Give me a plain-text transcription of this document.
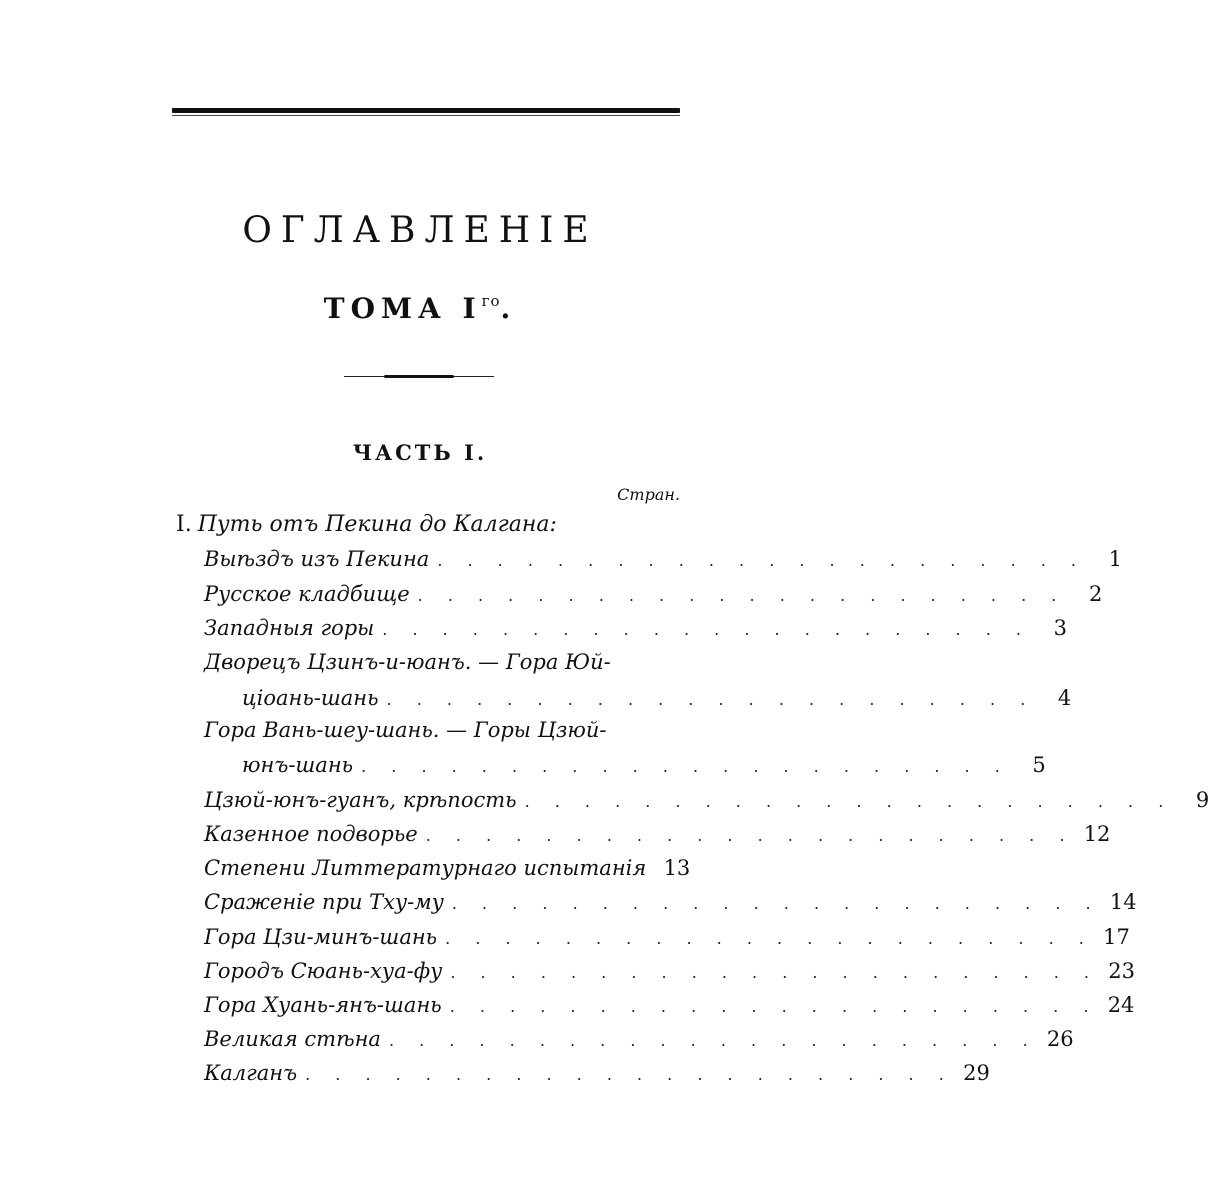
ОГЛАВЛЕНІЕ
ТОМА $I^{го}$.
ЧАСТЬ I.
Стран.
I. Путь отъ Пекина до Калгана:
Выѣздъ изъ Пекина . . . . . . . . . . . . . . . . . . . . . .	1
Русское кладбище . . . . . . . . . . . . . . . . . . . . . .	2
Западныя горы . . . . . . . . . . . . . . . . . . . . . .	3
Дворецъ Цзинъ-и-юанъ. — Гора Юй-
ціоань-шань . . . . . . . . . . . . . . . . . . . . . .	4
Гора Вань-шеу-шань. — Горы Цзюй-
юнъ-шань . . . . . . . . . . . . . . . . . . . . . .	5
Цзюй-юнъ-гуанъ, крѣпость . . . . . . . . . . . . . . . . . . . . . .	9
Казенное подворье . . . . . . . . . . . . . . . . . . . . . . 12
Степени Литтературнаго испытанія 13
Сраженіе при Тху-му . . . . . . . . . . . . . . . . . . . . . . 14
Гора Цзи-минъ-шань . . . . . . . . . . . . . . . . . . . . . . 17
Городъ Сюань-хуа-фу . . . . . . . . . . . . . . . . . . . . . . 23
Гора Хуань-янъ-шань . . . . . . . . . . . . . . . . . . . . . . 24
Великая стѣна . . . . . . . . . . . . . . . . . . . . . . 26
Калганъ . . . . . . . . . . . . . . . . . . . . . . 29
